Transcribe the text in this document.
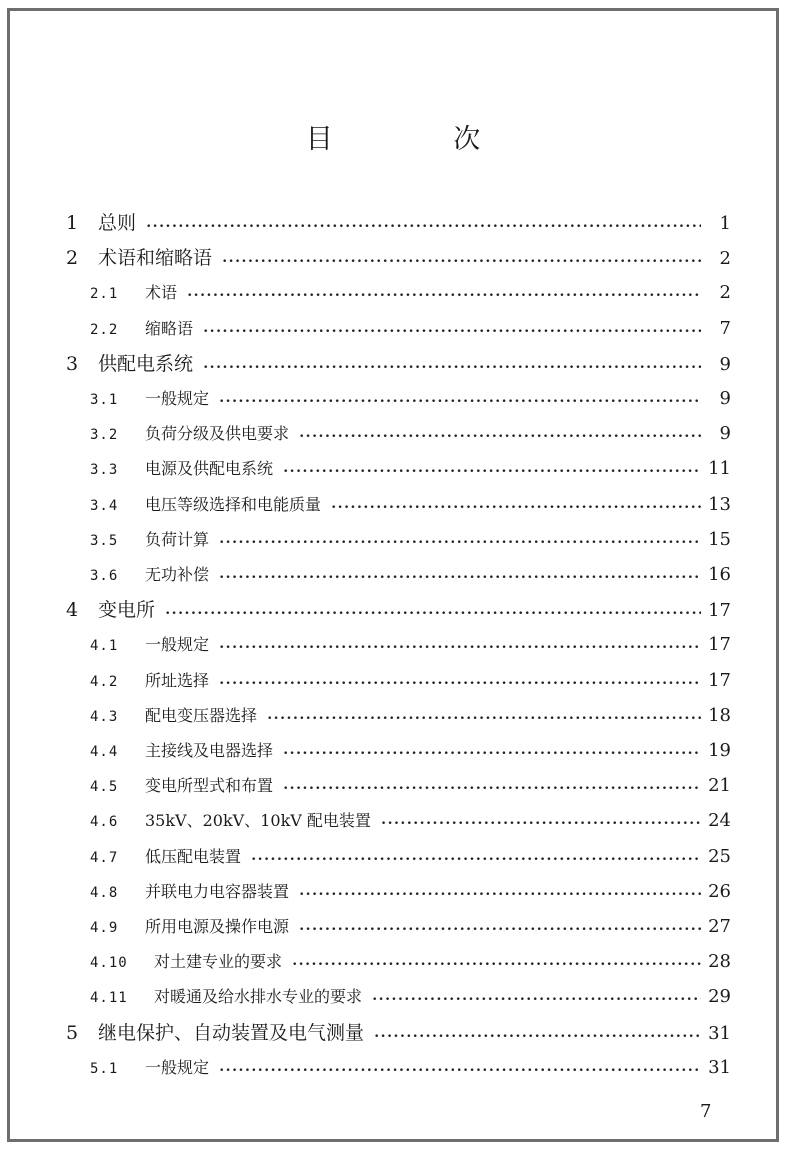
目 次
1	总则 •••••	1
2	术语和缩略语 •••••	2
2.1	术语 •••••	2
2.2	缩略语 •••••	7
3	供配电系统 •••••	9
3.1	一般规定 •••••	9
3.2	负荷分级及供电要求 •••••	9
3.3	电源及供配电系统 •••••	11
3.4	电压等级选择和电能质量 •••••	13
3.5	负荷计算 •••••	15
3.6	无功补偿 •••••	16
4	变电所 •••••	17
4.1	一般规定 •••••	17
4.2	所址选择 •••••	17
4.3	配电变压器选择 •••••	18
4.4	主接线及电器选择 •••••	19
4.5	变电所型式和布置 •••••	21
4.6	35kV、20kV、10kV 配电装置 •••••	24
4.7	低压配电装置 •••••	25
4.8	并联电力电容器装置 •••••	26
4.9	所用电源及操作电源 •••••	27
4.10	对土建专业的要求 •••••	28
4.11	对暖通及给水排水专业的要求 •••••	29
5	继电保护、自动装置及电气测量 •••••	31
5.1	一般规定 •••••	31
7
